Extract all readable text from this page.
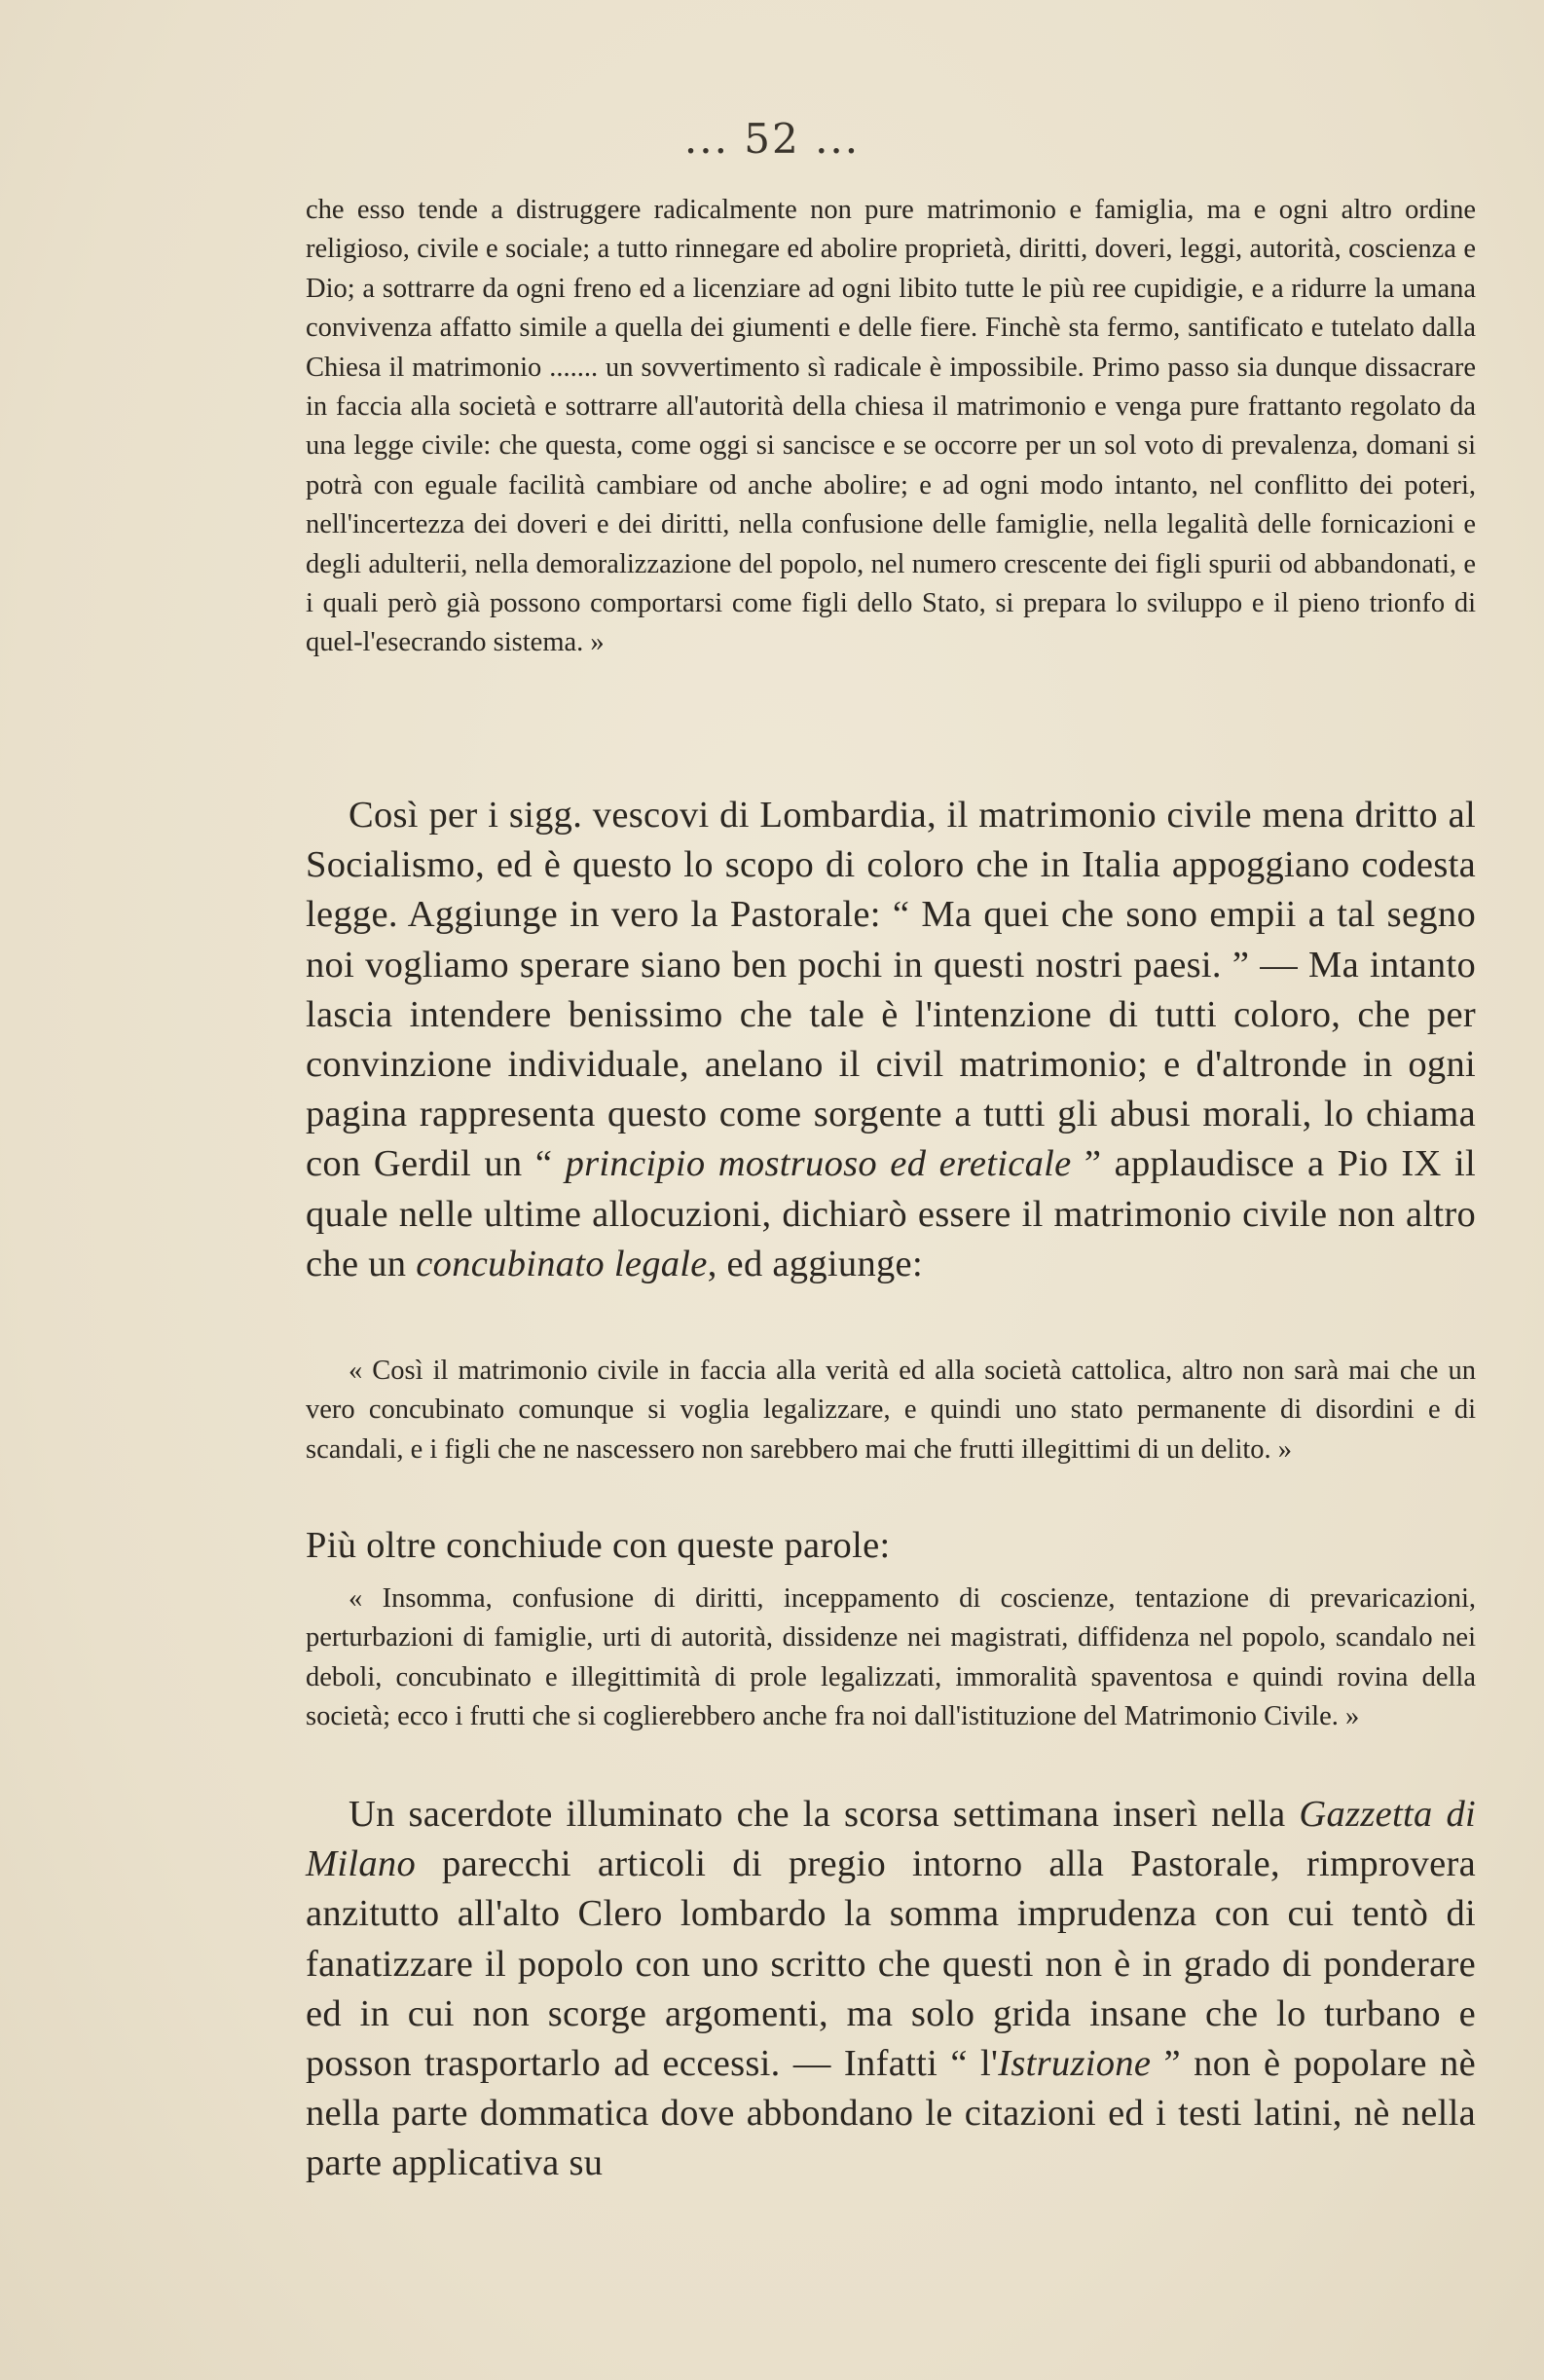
... 52 ...

che esso tende a distruggere radicalmente non pure matrimonio e famiglia, ma e ogni altro ordine religioso, civile e sociale; a tutto rinnegare ed abolire proprietà, diritti, doveri, leggi, autorità, coscienza e Dio; a sottrarre da ogni freno ed a licenziare ad ogni libito tutte le più ree cupidigie, e a ridurre la umana convivenza affatto simile a quella dei giumenti e delle fiere. Finchè sta fermo, santificato e tutelato dalla Chiesa il matrimonio ....... un sovvertimento sì radicale è impossibile. Primo passo sia dunque dissacrare in faccia alla società e sottrarre all'autorità della chiesa il matrimonio e venga pure frattanto regolato da una legge civile: che questa, come oggi si sancisce e se occorre per un sol voto di prevalenza, domani si potrà con eguale facilità cambiare od anche abolire; e ad ogni modo intanto, nel conflitto dei poteri, nell'incertezza dei doveri e dei diritti, nella confusione delle famiglie, nella legalità delle fornicazioni e degli adulterii, nella demoralizzazione del popolo, nel numero crescente dei figli spurii od abbandonati, e i quali però già possono comportarsi come figli dello Stato, si prepara lo sviluppo e il pieno trionfo di quel-l'esecrando sistema. »

Così per i sigg. vescovi di Lombardia, il matrimonio civile mena dritto al Socialismo, ed è questo lo scopo di coloro che in Italia appoggiano codesta legge. Aggiunge in vero la Pastorale: “ Ma quei che sono empii a tal segno noi vogliamo sperare siano ben pochi in questi nostri paesi. ” — Ma intanto lascia intendere benissimo che tale è l'intenzione di tutti coloro, che per convinzione individuale, anelano il civil matrimonio; e d'altronde in ogni pagina rappresenta questo come sorgente a tutti gli abusi morali, lo chiama con Gerdil un “ principio mostruoso ed ereticale ” applaudisce a Pio IX il quale nelle ultime allocuzioni, dichiarò essere il matrimonio civile non altro che un concubinato legale, ed aggiunge:

« Così il matrimonio civile in faccia alla verità ed alla società cattolica, altro non sarà mai che un vero concubinato comunque si voglia legalizzare, e quindi uno stato permanente di disordini e di scandali, e i figli che ne nascessero non sarebbero mai che frutti illegittimi di un delito. »

Più oltre conchiude con queste parole:

« Insomma, confusione di diritti, inceppamento di coscienze, tentazione di prevaricazioni, perturbazioni di famiglie, urti di autorità, dissidenze nei magistrati, diffidenza nel popolo, scandalo nei deboli, concubinato e illegittimità di prole legalizzati, immoralità spaventosa e quindi rovina della società; ecco i frutti che si coglierebbero anche fra noi dall'istituzione del Matrimonio Civile. »

Un sacerdote illuminato che la scorsa settimana inserì nella Gazzetta di Milano parecchi articoli di pregio intorno alla Pastorale, rimprovera anzitutto all'alto Clero lombardo la somma imprudenza con cui tentò di fanatizzare il popolo con uno scritto che questi non è in grado di ponderare ed in cui non scorge argomenti, ma solo grida insane che lo turbano e posson trasportarlo ad eccessi. — Infatti “ l'Istruzione ” non è popolare nè nella parte dommatica dove abbondano le citazioni ed i testi latini, nè nella parte applicativa su
